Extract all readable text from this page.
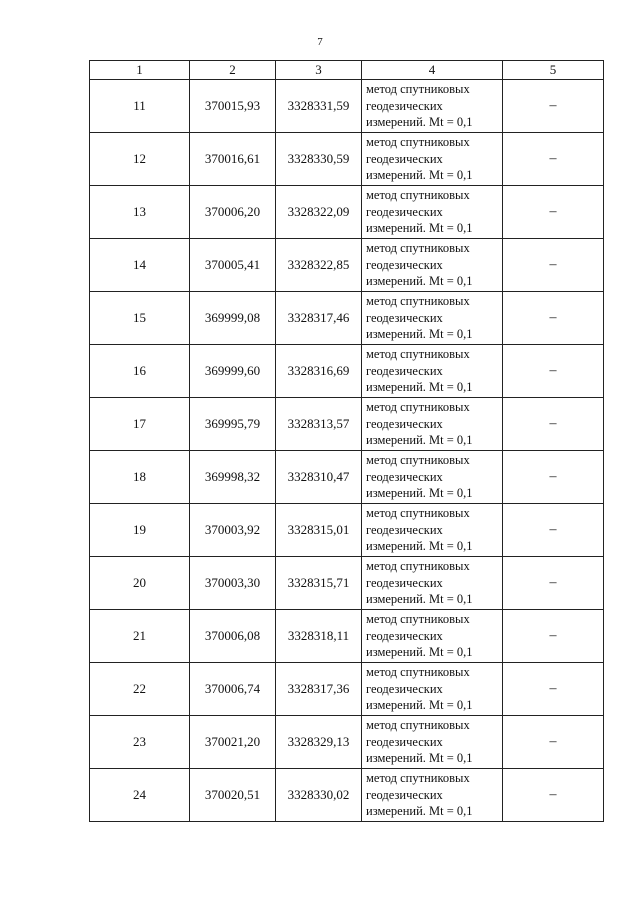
7
1	2	3	4	5
11	370015,93	3328331,59	метод спутниковых
геодезических
измерений. Mt = 0,1	–
12	370016,61	3328330,59	метод спутниковых
геодезических
измерений. Mt = 0,1	–
13	370006,20	3328322,09	метод спутниковых
геодезических
измерений. Mt = 0,1	–
14	370005,41	3328322,85	метод спутниковых
геодезических
измерений. Mt = 0,1	–
15	369999,08	3328317,46	метод спутниковых
геодезических
измерений. Mt = 0,1	–
16	369999,60	3328316,69	метод спутниковых
геодезических
измерений. Mt = 0,1	–
17	369995,79	3328313,57	метод спутниковых
геодезических
измерений. Mt = 0,1	–
18	369998,32	3328310,47	метод спутниковых
геодезических
измерений. Mt = 0,1	–
19	370003,92	3328315,01	метод спутниковых
геодезических
измерений. Mt = 0,1	–
20	370003,30	3328315,71	метод спутниковых
геодезических
измерений. Mt = 0,1	–
21	370006,08	3328318,11	метод спутниковых
геодезических
измерений. Mt = 0,1	–
22	370006,74	3328317,36	метод спутниковых
геодезических
измерений. Mt = 0,1	–
23	370021,20	3328329,13	метод спутниковых
геодезических
измерений. Mt = 0,1	–
24	370020,51	3328330,02	метод спутниковых
геодезических
измерений. Mt = 0,1	–
